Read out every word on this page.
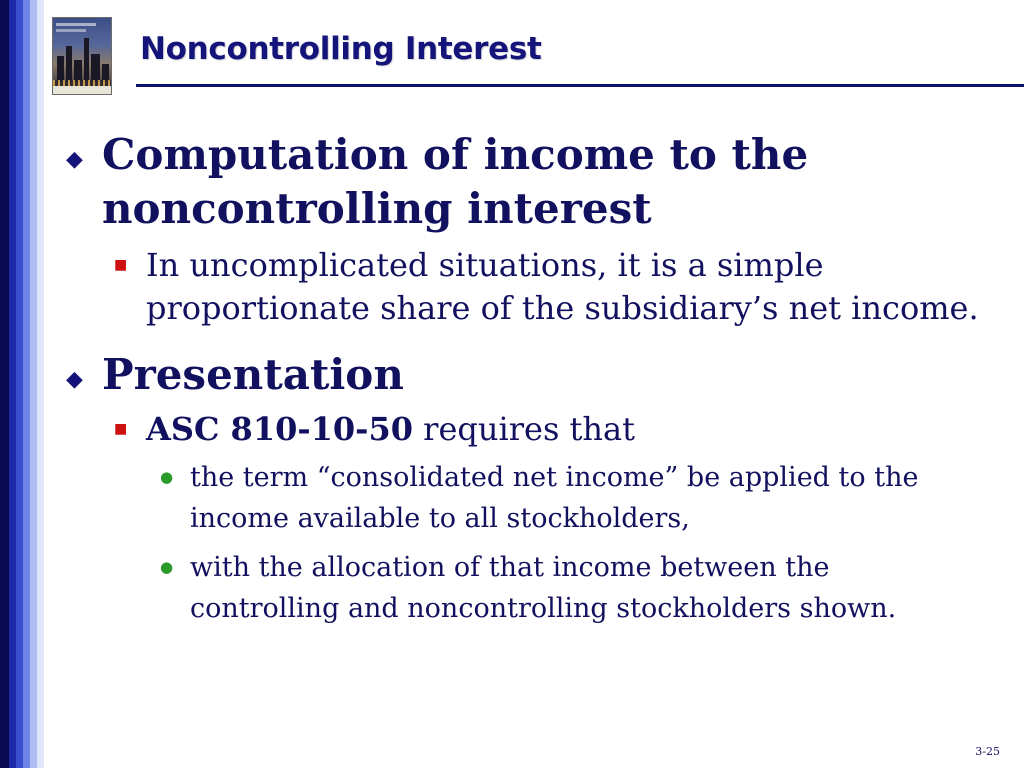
Noncontrolling Interest
◆ Computation of income to the noncontrolling interest
■ In uncomplicated situations, it is a simple proportionate share of the subsidiary’s net income.
◆ Presentation
■ ASC 810-10-50 requires that
● the term “consolidated net income” be applied to the income available to all stockholders,
● with the allocation of that income between the controlling and noncontrolling stockholders shown.
3-25
